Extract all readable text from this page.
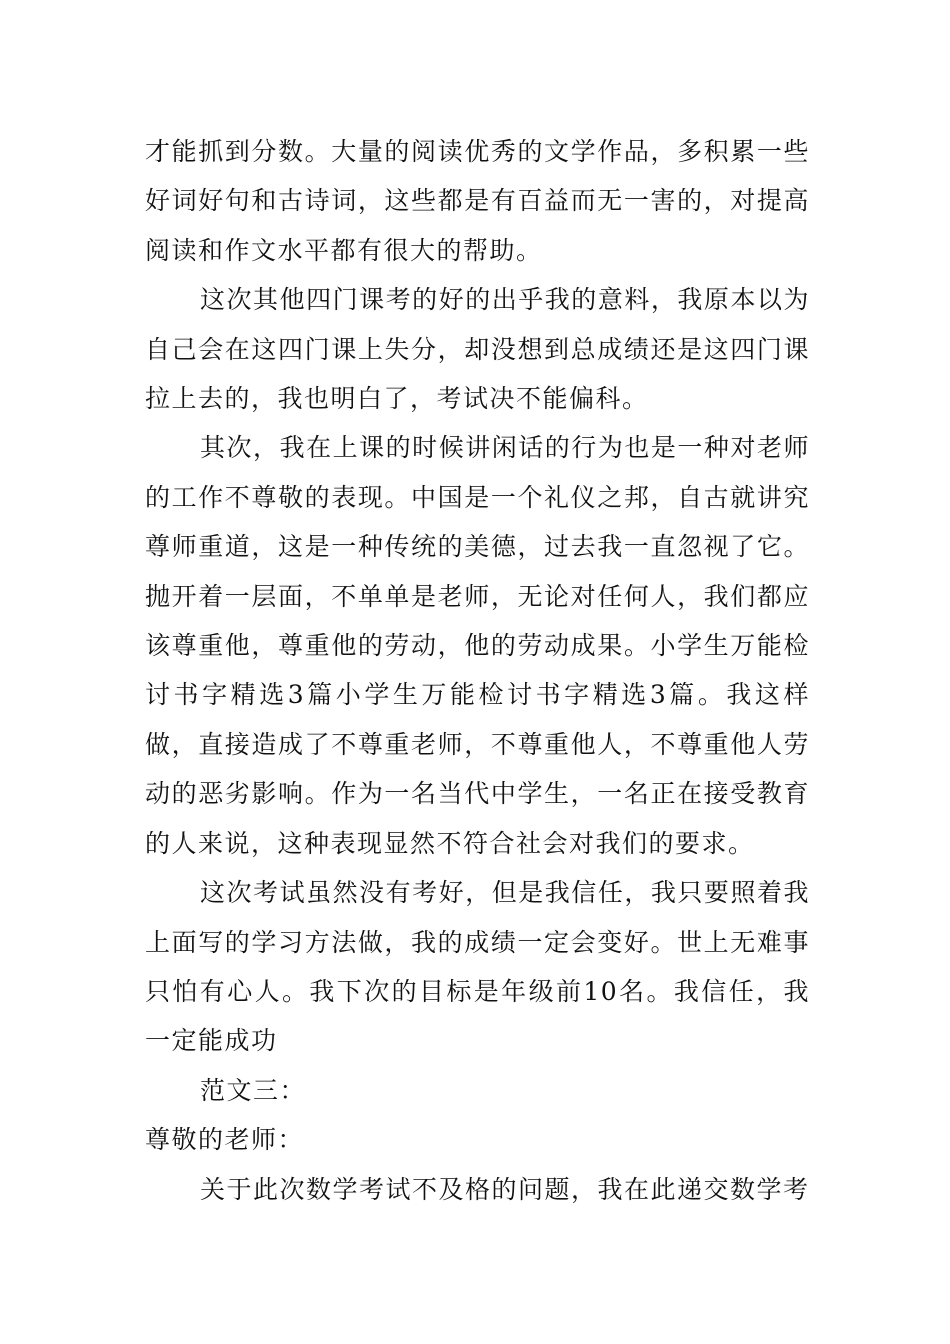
才能抓到分数。大量的阅读优秀的文学作品，多积累一些好词好句和古诗词，这些都是有百益而无一害的，对提高阅读和作文水平都有很大的帮助。

这次其他四门课考的好的出乎我的意料，我原本以为自己会在这四门课上失分，却没想到总成绩还是这四门课拉上去的，我也明白了，考试决不能偏科。

其次，我在上课的时候讲闲话的行为也是一种对老师的工作不尊敬的表现。中国是一个礼仪之邦，自古就讲究尊师重道，这是一种传统的美德，过去我一直忽视了它。抛开着一层面，不单单是老师，无论对任何人，我们都应该尊重他，尊重他的劳动，他的劳动成果。小学生万能检讨书字精选3篇小学生万能检讨书字精选3篇。我这样做，直接造成了不尊重老师，不尊重他人，不尊重他人劳动的恶劣影响。作为一名当代中学生，一名正在接受教育的人来说，这种表现显然不符合社会对我们的要求。

这次考试虽然没有考好，但是我信任，我只要照着我上面写的学习方法做，我的成绩一定会变好。世上无难事只怕有心人。我下次的目标是年级前10名。我信任，我一定能成功

范文三：

尊敬的老师：

关于此次数学考试不及格的问题，我在此递交数学考
